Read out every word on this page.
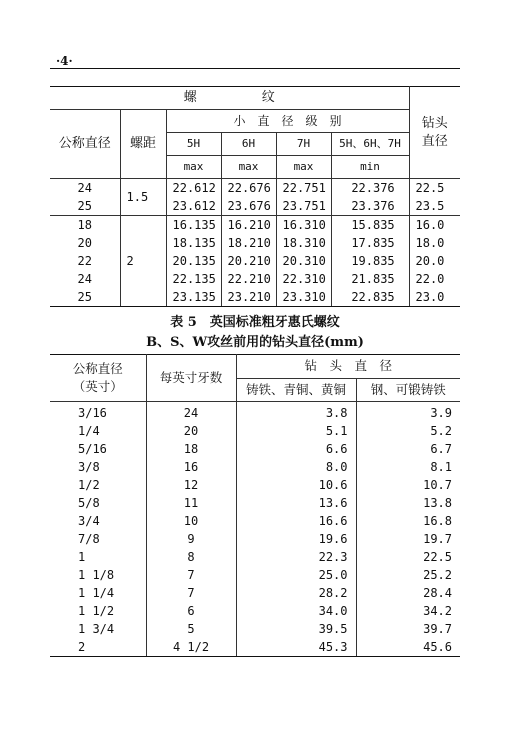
·4·
螺　　　　　纹						钻头
直径

公称直径	螺距	小　直　径　级　别				
		5H	6H	7H	5H、6H、7H	
		max	max	max	min	
24	1.5	22.612	22.676	22.751	22.376	22.5
25		23.612	23.676	23.751	23.376	23.5
18	2	16.135	16.210	16.310	15.835	16.0
20		18.135	18.210	18.310	17.835	18.0
22		20.135	20.210	20.310	19.835	20.0
24		22.135	22.210	22.310	21.835	22.0
25		23.135	23.210	23.310	22.835	23.0
表 5　英国标准粗牙惠氏螺纹
B、S、W攻丝前用的钻头直径(mm)
公称直径
（英寸）	每英寸牙数	钻　头　直　径	
		铸铁、青铜、黄铜	钢、可锻铸铁
3/16	24	3.8	3.9
1/4	20	5.1	5.2
5/16	18	6.6	6.7
3/8	16	8.0	8.1
1/2	12	10.6	10.7
5/8	11	13.6	13.8
3/4	10	16.6	16.8
7/8	9	19.6	19.7
1	8	22.3	22.5
1 1/8	7	25.0	25.2
1 1/4	7	28.2	28.4
1 1/2	6	34.0	34.2
1 3/4	5	39.5	39.7
2	4 1/2	45.3	45.6
